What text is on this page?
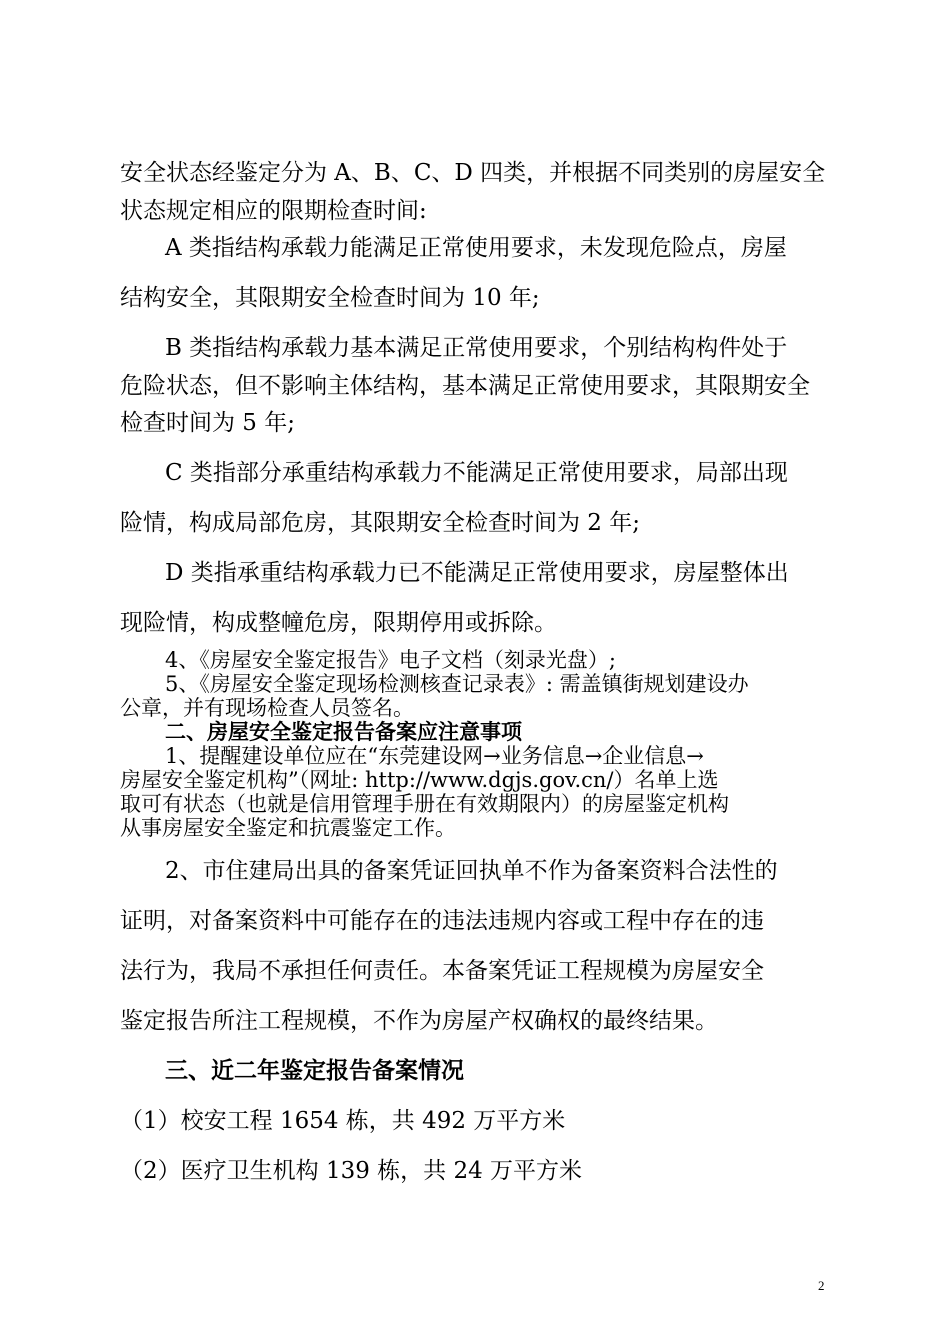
安全状态经鉴定分为 A、B、C、D 四类，并根据不同类别的房屋安全
状态规定相应的限期检查时间:
A 类指结构承载力能满足正常使用要求，未发现危险点，房屋
结构安全，其限期安全检查时间为 10 年;
B 类指结构承载力基本满足正常使用要求，个别结构构件处于
危险状态，但不影响主体结构，基本满足正常使用要求，其限期安全
检查时间为 5 年;
C 类指部分承重结构承载力不能满足正常使用要求，局部出现
险情，构成局部危房，其限期安全检查时间为 2 年;
D 类指承重结构承载力已不能满足正常使用要求，房屋整体出
现险情，构成整幢危房，限期停用或拆除。
4、《房屋安全鉴定报告》电子文档（刻录光盘）;
5、《房屋安全鉴定现场检测核查记录表》: 需盖镇街规划建设办
公章，并有现场检查人员签名。
二、房屋安全鉴定报告备案应注意事项
1、提醒建设单位应在“东莞建设网→业务信息→企业信息→
房屋安全鉴定机构”（网址: http://www.dgjs.gov.cn/）名单上选
取可有状态（也就是信用管理手册在有效期限内）的房屋鉴定机构
从事房屋安全鉴定和抗震鉴定工作。
2、市住建局出具的备案凭证回执单不作为备案资料合法性的
证明，对备案资料中可能存在的违法违规内容或工程中存在的违
法行为，我局不承担任何责任。本备案凭证工程规模为房屋安全
鉴定报告所注工程规模，不作为房屋产权确权的最终结果。
三、近二年鉴定报告备案情况
（1）校安工程 1654 栋，共 492 万平方米
（2）医疗卫生机构 139 栋，共 24 万平方米
2
